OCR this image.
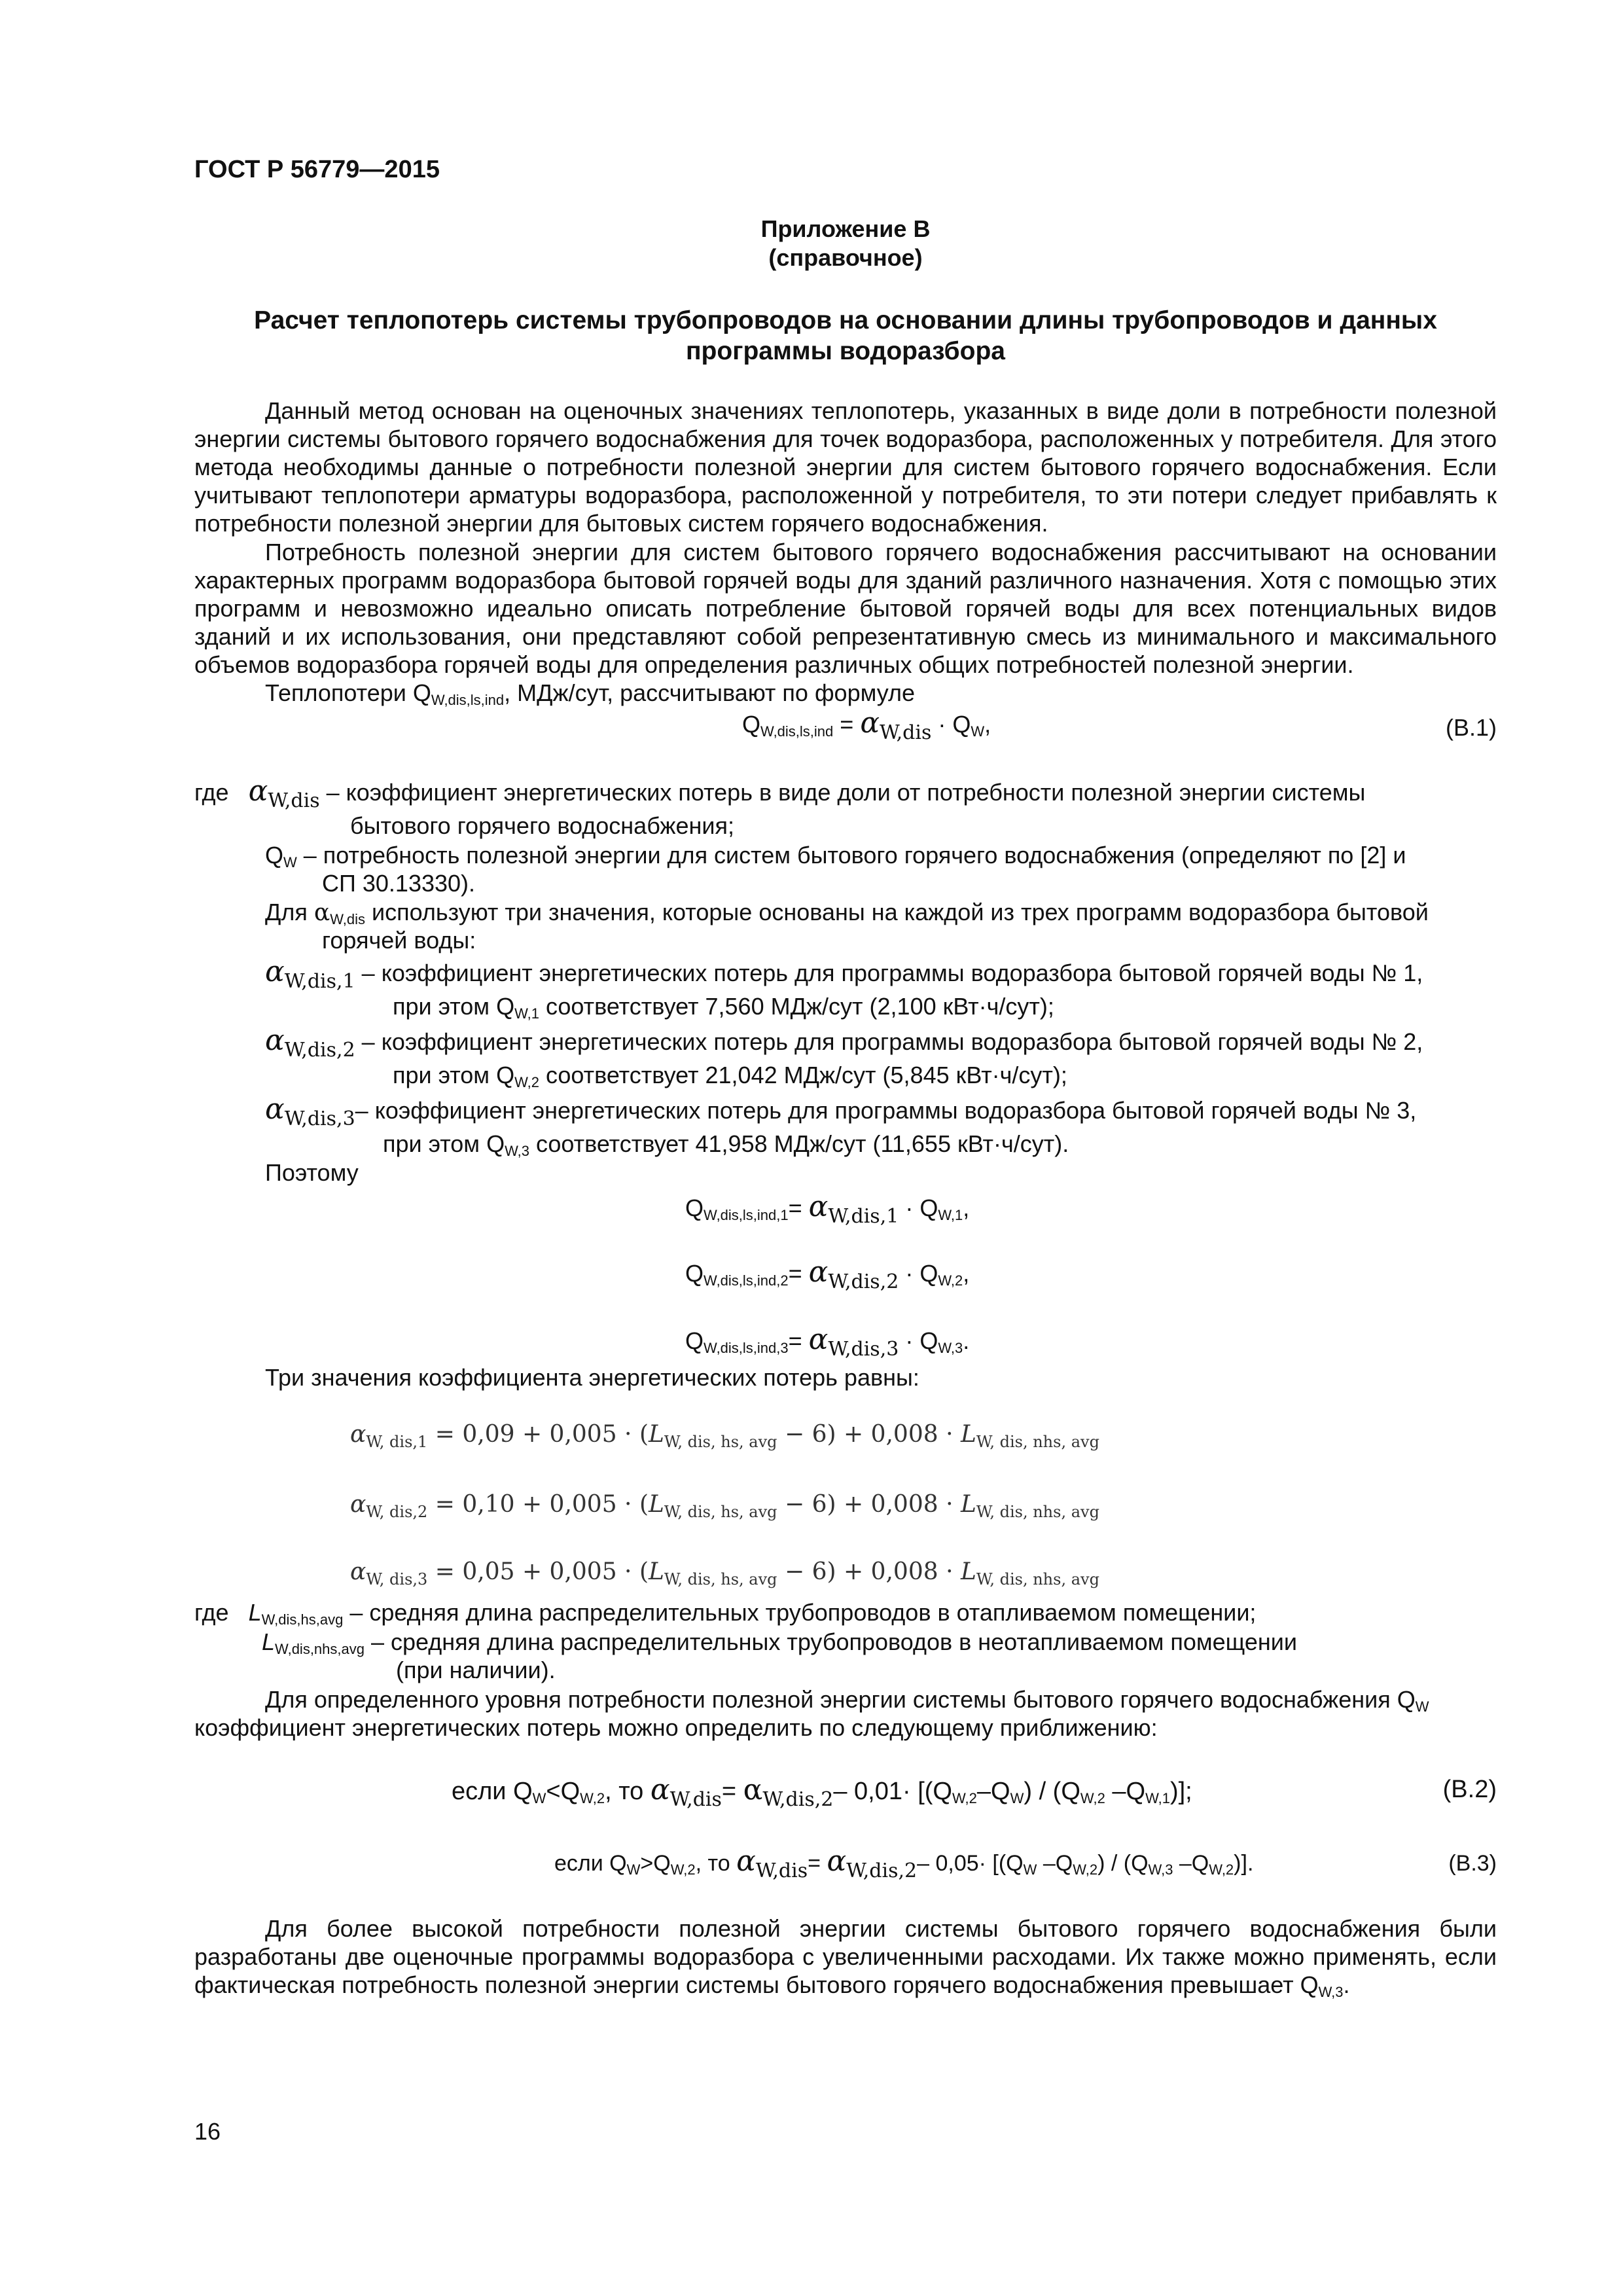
ГОСТ Р 56779—2015
Приложение В
(справочное)
Расчет теплопотерь системы трубопроводов на основании длины трубопроводов и данных программы водоразбора
Данный метод основан на оценочных значениях теплопотерь, указанных в виде доли в потребности полезной энергии системы бытового горячего водоснабжения для точек водоразбора, расположенных у потребителя. Для этого метода необходимы данные о потребности полезной энергии для систем бытового горячего водоснабжения. Если учитывают теплопотери арматуры водоразбора, расположенной у потребителя, то эти потери следует прибавлять к потребности полезной энергии для бытовых систем горячего водоснабжения.
Потребность полезной энергии для систем бытового горячего водоснабжения рассчитывают на основании характерных программ водоразбора бытовой горячей воды для зданий различного назначения. Хотя с помощью этих программ и невозможно идеально описать потребление бытовой горячей воды для всех потенциальных видов зданий и их использования, они представляют собой репрезентативную смесь из минимального и максимального объемов водоразбора горячей воды для определения различных общих потребностей полезной энергии.
Теплопотери $Q_{W,dis,ls,ind}$, МДж/сут, рассчитывают по формуле
$Q_{W,dis,ls,ind} = \alpha_{W,dis} \cdot Q_W$,	(В.1)
где $\alpha_{W,dis}$ – коэффициент энергетических потерь в виде доли от потребности полезной энергии системы
бытового горячего водоснабжения;
$Q_W$ – потребность полезной энергии для систем бытового горячего водоснабжения (определяют по [2] и
СП 30.13330).
Для $\alpha_{W,dis}$ используют три значения, которые основаны на каждой из трех программ водоразбора бытовой
горячей воды:
$\alpha_{W,dis,1}$ – коэффициент энергетических потерь для программы водоразбора бытовой горячей воды № 1,
при этом $Q_{W,1}$ соответствует 7,560 МДж/сут (2,100 кВт·ч/сут);
$\alpha_{W,dis,2}$ – коэффициент энергетических потерь для программы водоразбора бытовой горячей воды № 2,
при этом $Q_{W,2}$ соответствует 21,042 МДж/сут (5,845 кВт·ч/сут);
$\alpha_{W,dis,3}-$ коэффициент энергетических потерь для программы водоразбора бытовой горячей воды № 3,
при этом $Q_{W,3}$ соответствует 41,958 МДж/сут (11,655 кВт·ч/сут).
Поэтому
$Q_{W,dis,ls,ind,1}= \alpha_{W,dis,1} \cdot Q_{W,1}$,
$Q_{W,dis,ls,ind,2}= \alpha_{W,dis,2} \cdot Q_{W,2}$,
$Q_{W,dis,ls,ind,3}= \alpha_{W,dis,3} \cdot Q_{W,3}$.
Три значения коэффициента энергетических потерь равны:
$\alpha_{W, dis,1} = 0,09 + 0,005 \cdot (L_{W, dis, hs, avg} - 6) + 0,008 \cdot L_{W, dis, nhs, avg}$
$\alpha_{W, dis,2} = 0,10 + 0,005 \cdot (L_{W, dis, hs, avg} - 6) + 0,008 \cdot L_{W, dis, nhs, avg}$
$\alpha_{W, dis,3} = 0,05 + 0,005 \cdot (L_{W, dis, hs, avg} - 6) + 0,008 \cdot L_{W, dis, nhs, avg}$
где $L_{W,dis,hs,avg}$ – средняя длина распределительных трубопроводов в отапливаемом помещении;
$L_{W,dis,nhs,avg}$ – средняя длина распределительных трубопроводов в неотапливаемом помещении
(при наличии).
Для определенного уровня потребности полезной энергии системы бытового горячего водоснабжения $Q_W$
коэффициент энергетических потерь можно определить по следующему приближению:
если $Q_W<Q_{W,2}$, то $\alpha_{W,dis}= \alpha_{W,dis,2}-$ $0,01\cdot [(Q_{W,2}-Q_W) / (Q_{W,2}$ $-Q_{W,1}$)];	(В.2)
если $Q_W>Q_{W,2}$, то αW,dis= αW,dis,2– $0,05\cdot [(Q_W$ $-Q_{W,2}) / (Q_{W,3}$ $-Q_{W,2}$)].	(В.3)
Для более высокой потребности полезной энергии системы бытового горячего водоснабжения были разработаны две оценочные программы водоразбора с увеличенными расходами. Их также можно применять, если фактическая потребность полезной энергии системы бытового горячего водоснабжения превышает $Q_{W,3}$.
16
